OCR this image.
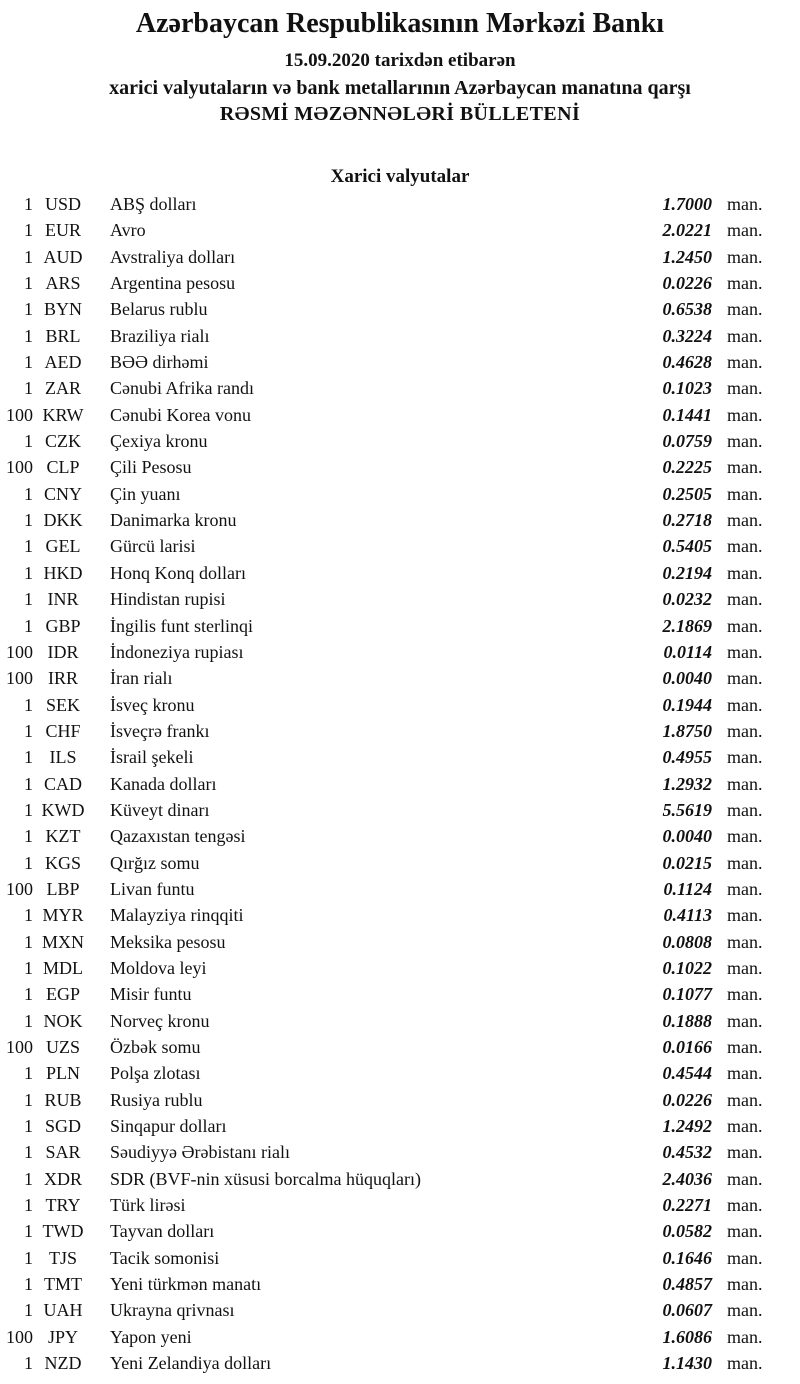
Azərbaycan Respublikasının Mərkəzi Bankı
15.09.2020 tarixdən etibarən
xarici valyutaların və bank metallarının Azərbaycan manatına qarşı
RƏSMİ MƏZƏNNƏLƏRİ BÜLLETENİ
Xarici valyutalar
1 USD	ABŞ dolları	1.7000 man.
1 EUR	Avro	2.0221 man.
1 AUD	Avstraliya dolları	1.2450 man.
1 ARS	Argentina pesosu	0.0226 man.
1 BYN	Belarus rublu	0.6538 man.
1 BRL	Braziliya rialı	0.3224 man.
1 AED	BƏƏ dirhəmi	0.4628 man.
1 ZAR	Cənubi Afrika randı	0.1023 man.
100 KRW Cənubi Korea vonu	0.1441 man.
1 CZK	Çexiya kronu	0.0759 man.
100 CLP	Çili Pesosu	0.2225 man.
1 CNY	Çin yuanı	0.2505 man.
1 DKK	Danimarka kronu	0.2718 man.
1 GEL	Gürcü larisi	0.5405 man.
1 HKD	Honq Konq dolları	0.2194 man.
1 INR	Hindistan rupisi	0.0232 man.
1 GBP	İngilis funt sterlinqi	2.1869 man.
100 IDR	İndoneziya rupiası	0.0114 man.
100 IRR	İran rialı	0.0040 man.
1 SEK	İsveç kronu	0.1944 man.
1 CHF	İsveçrə frankı	1.8750 man.
1 ILS	İsrail şekeli	0.4955 man.
1 CAD	Kanada dolları	1.2932 man.
1 KWD Küveyt dinarı	5.5619 man.
1 KZT	Qazaxıstan tengəsi	0.0040 man.
1 KGS	Qırğız somu	0.0215 man.
100 LBP	Livan funtu	0.1124 man.
1 MYR Malayziya rinqqiti	0.4113 man.
1 MXN Meksika pesosu	0.0808 man.
1 MDL Moldova leyi	0.1022 man.
1 EGP	Misir funtu	0.1077 man.
1 NOK	Norveç kronu	0.1888 man.
100 UZS	Özbək somu	0.0166 man.
1 PLN	Polşa zlotası	0.4544 man.
1 RUB	Rusiya rublu	0.0226 man.
1 SGD	Sinqapur dolları	1.2492 man.
1 SAR	Səudiyyə Ərəbistanı rialı	0.4532 man.
1 XDR	SDR (BVF-nin xüsusi borcalma hüquqları)	2.4036 man.
1 TRY	Türk lirəsi	0.2271 man.
1 TWD Tayvan dolları	0.0582 man.
1 TJS	Tacik somonisi	0.1646 man.
1 TMT	Yeni türkmən manatı	0.4857 man.
1 UAH	Ukrayna qrivnası	0.0607 man.
100 JPY	Yapon yeni	1.6086 man.
1 NZD	Yeni Zelandiya dolları	1.1430 man.
